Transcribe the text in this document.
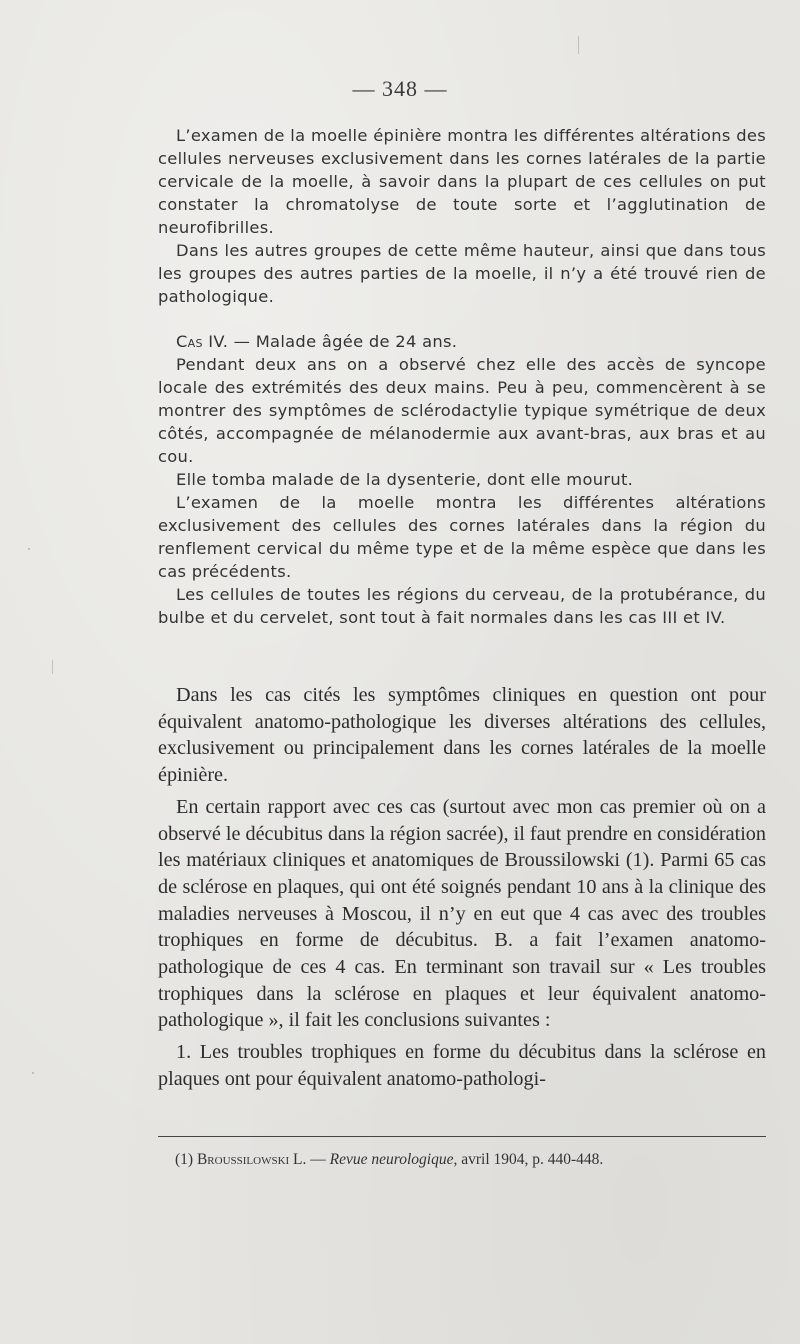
— 348 —

L’examen de la moelle épinière montra les différentes altérations des cellules nerveuses exclusivement dans les cornes latérales de la partie cervicale de la moelle, à savoir dans la plupart de ces cellules on put constater la chromatolyse de toute sorte et l’agglutination de neurofibrilles.

Dans les autres groupes de cette même hauteur, ainsi que dans tous les groupes des autres parties de la moelle, il n’y a été trouvé rien de pathologique.

Cas IV. — Malade âgée de 24 ans.

Pendant deux ans on a observé chez elle des accès de syncope locale des extrémités des deux mains. Peu à peu, commencèrent à se montrer des symptômes de sclérodactylie typique symétrique de deux côtés, accompagnée de mélanodermie aux avant-bras, aux bras et au cou.

Elle tomba malade de la dysenterie, dont elle mourut.

L’examen de la moelle montra les différentes altérations exclusivement des cellules des cornes latérales dans la région du renflement cervical du même type et de la même espèce que dans les cas précédents.

Les cellules de toutes les régions du cerveau, de la protubérance, du bulbe et du cervelet, sont tout à fait normales dans les cas III et IV.

Dans les cas cités les symptômes cliniques en question ont pour équivalent anatomo-pathologique les diverses altérations des cellules, exclusivement ou principalement dans les cornes latérales de la moelle épinière.

En certain rapport avec ces cas (surtout avec mon cas premier où on a observé le décubitus dans la région sacrée), il faut prendre en considération les matériaux cliniques et anatomiques de Broussilowski (1). Parmi 65 cas de sclérose en plaques, qui ont été soignés pendant 10 ans à la clinique des maladies nerveuses à Moscou, il n’y en eut que 4 cas avec des troubles trophiques en forme de décubitus. B. a fait l’examen anatomo-pathologique de ces 4 cas. En terminant son travail sur « Les troubles trophiques dans la sclérose en plaques et leur équivalent anatomo-pathologique », il fait les conclusions suivantes :

1. Les troubles trophiques en forme du décubitus dans la sclérose en plaques ont pour équivalent anatomo-pathologi-

(1) Broussilowski L. — Revue neurologique, avril 1904, p. 440-448.
